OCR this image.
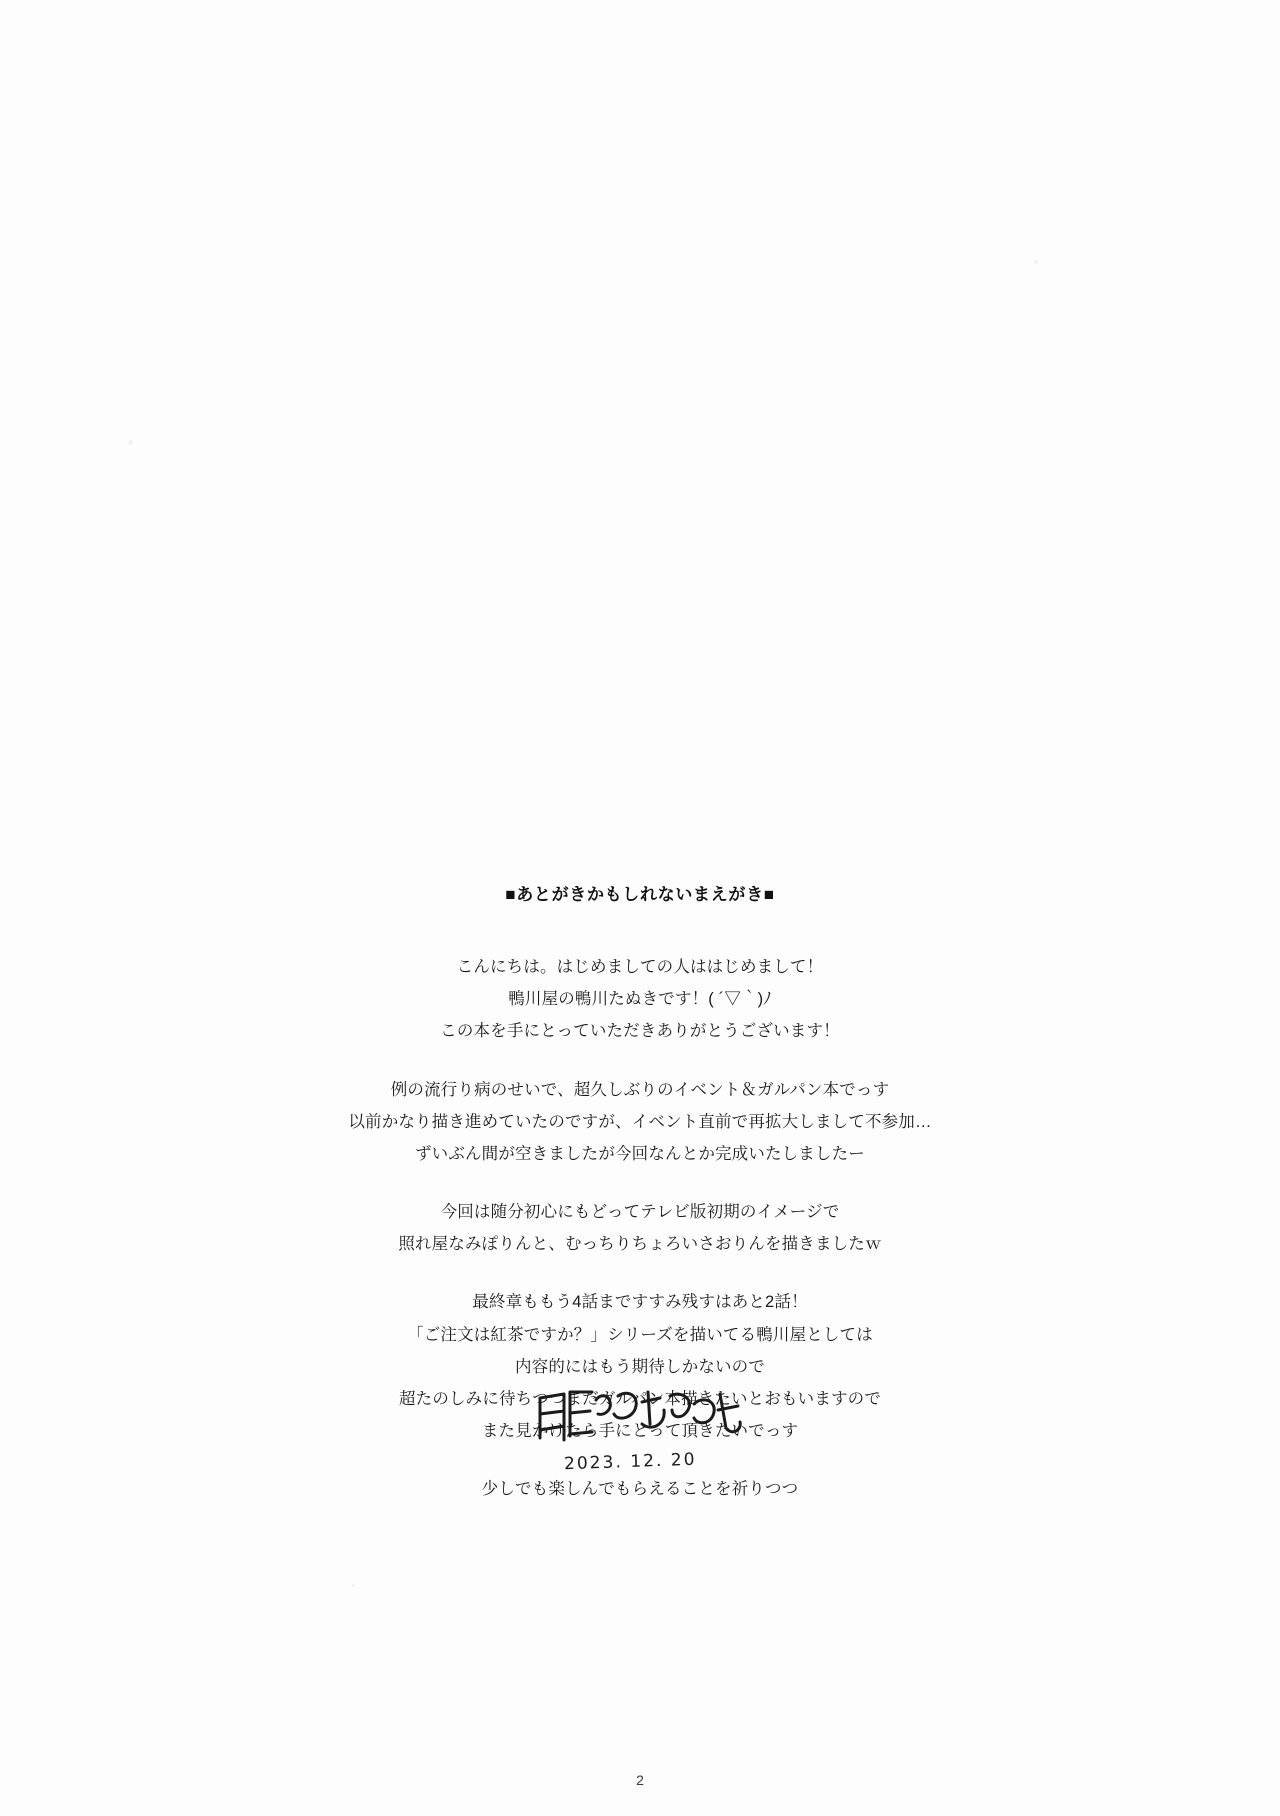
■あとがきかもしれないまえがき■

こんにちは。はじめましての人ははじめまして！
鴨川屋の鴨川たぬきです！( ´▽｀)ﾉ
この本を手にとっていただきありがとうございます！

例の流行り病のせいで、超久しぶりのイベント＆ガルパン本でっす
以前かなり描き進めていたのですが、イベント直前で再拡大しまして不参加…
ずいぶん間が空きましたが今回なんとか完成いたしましたー

今回は随分初心にもどってテレビ版初期のイメージで
照れ屋なみぽりんと、むっちりちょろいさおりんを描きましたｗ

最終章ももう4話まですすみ残すはあと2話！
「ご注文は紅茶ですか？」シリーズを描いてる鴨川屋としては
内容的にはもう期待しかないので
超たのしみに待ちつつまだガルパン本描きたいとおもいますので
また見かけたら手にとって頂きたいでっす

少しでも楽しんでもらえることを祈りつつ

2023. 12. 20
2
